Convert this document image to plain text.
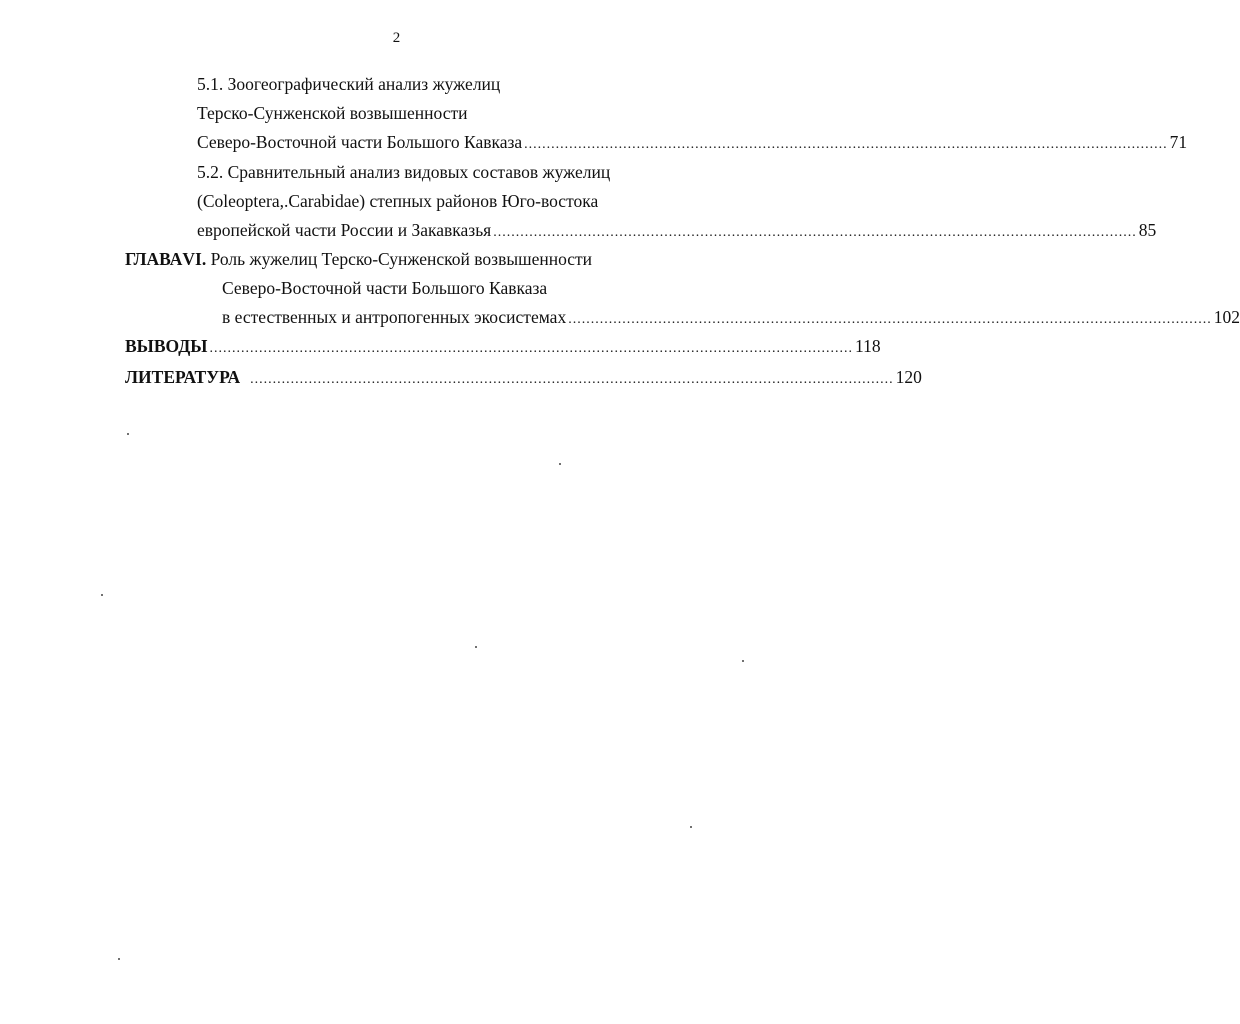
2
5.1. Зоогеографический анализ жужелиц
Терско-Сунженской возвышенности
Северо-Восточной части Большого Кавказа ............................................................................................................................................... 71
5.2. Сравнительный анализ видовых составов жужелиц
(Coleoptera,.Carabidae) степных районов Юго-востока
европейской части России и Закавказья ............................................................................................................................................... 85
ГЛАВАVI. Роль жужелиц Терско-Сунженской возвышенности
Северо-Восточной части Большого Кавказа
в естественных и антропогенных экосистемах ............................................................................................................................................... 102
ВЫВОДЫ ............................................................................................................................................... 118
ЛИТЕРАТУРА ............................................................................................................................................... 120
